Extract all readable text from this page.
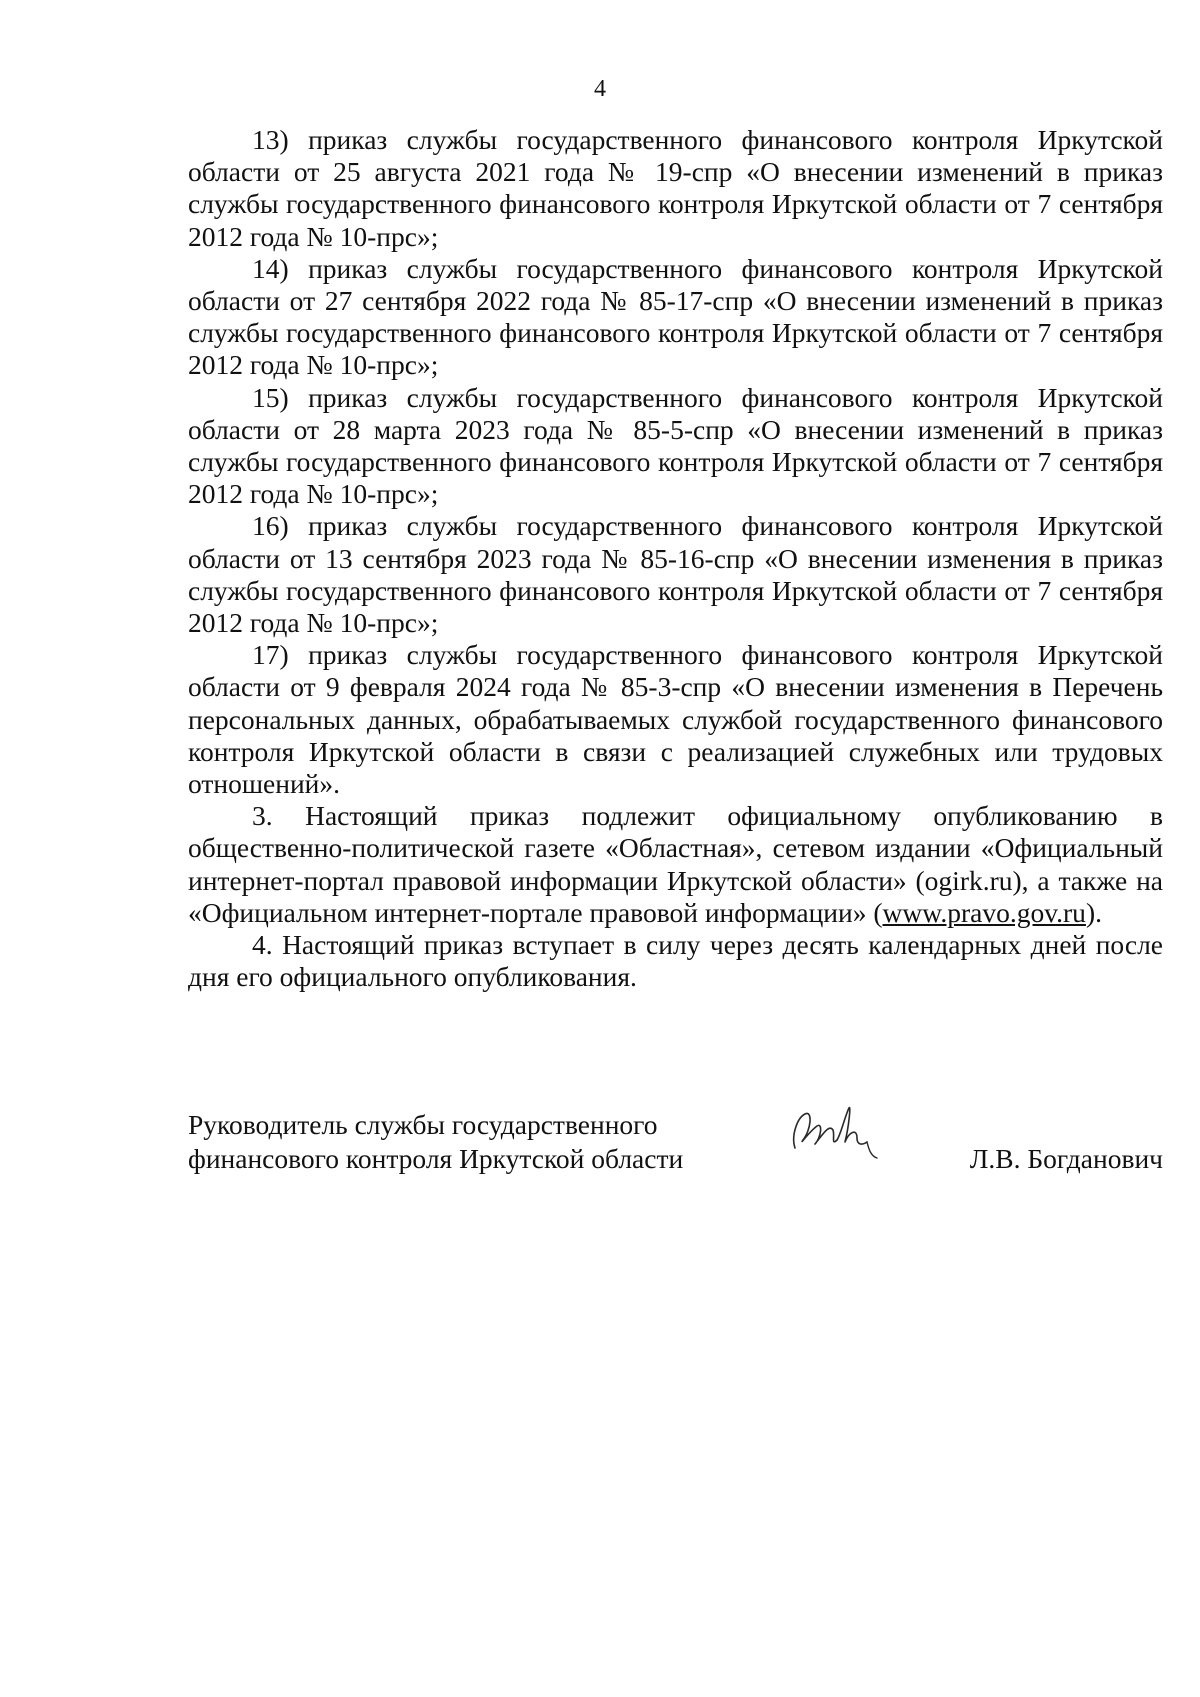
4

13) приказ службы государственного финансового контроля Иркутской области от 25 августа 2021 года № 19-спр «О внесении изменений в приказ службы государственного финансового контроля Иркутской области от 7 сентября 2012 года № 10-прс»;

14) приказ службы государственного финансового контроля Иркутской области от 27 сентября 2022 года № 85-17-спр «О внесении изменений в приказ службы государственного финансового контроля Иркутской области от 7 сентября 2012 года № 10-прс»;

15) приказ службы государственного финансового контроля Иркутской области от 28 марта 2023 года № 85-5-спр «О внесении изменений в приказ службы государственного финансового контроля Иркутской области от 7 сентября 2012 года № 10-прс»;

16) приказ службы государственного финансового контроля Иркутской области от 13 сентября 2023 года № 85-16-спр «О внесении изменения в приказ службы государственного финансового контроля Иркутской области от 7 сентября 2012 года № 10-прс»;

17) приказ службы государственного финансового контроля Иркутской области от 9 февраля 2024 года № 85-3-спр «О внесении изменения в Перечень персональных данных, обрабатываемых службой государственного финансового контроля Иркутской области в связи с реализацией служебных или трудовых отношений».

3. Настоящий приказ подлежит официальному опубликованию в общественно-политической газете «Областная», сетевом издании «Официальный интернет-портал правовой информации Иркутской области» (ogirk.ru), а также на «Официальном интернет-портале правовой информации» (www.pravo.gov.ru).

4. Настоящий приказ вступает в силу через десять календарных дней после дня его официального опубликования.

Руководитель службы государственного
финансового контроля Иркутской области	Л.В. Богданович
